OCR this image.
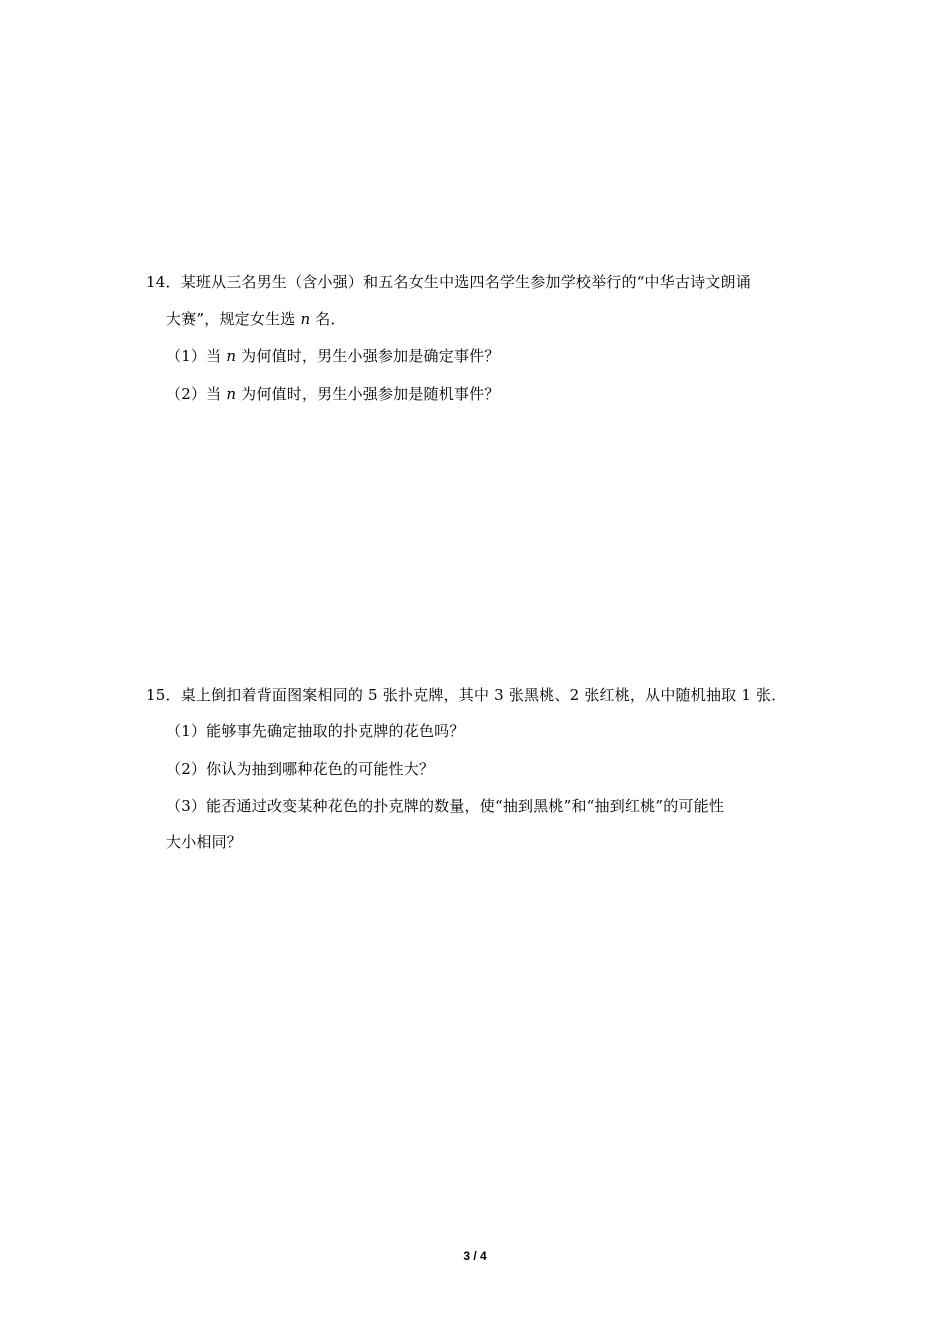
14．某班从三名男生（含小强）和五名女生中选四名学生参加学校举行的“中华古诗文朗诵
大赛”，规定女生选 n 名．
（1）当 n 为何值时，男生小强参加是确定事件？
（2）当 n 为何值时，男生小强参加是随机事件？
15．桌上倒扣着背面图案相同的 5 张扑克牌，其中 3 张黑桃、2 张红桃，从中随机抽取 1 张．
（1）能够事先确定抽取的扑克牌的花色吗？
（2）你认为抽到哪种花色的可能性大？
（3）能否通过改变某种花色的扑克牌的数量，使“抽到黑桃”和“抽到红桃”的可能性
大小相同？
3 / 4
